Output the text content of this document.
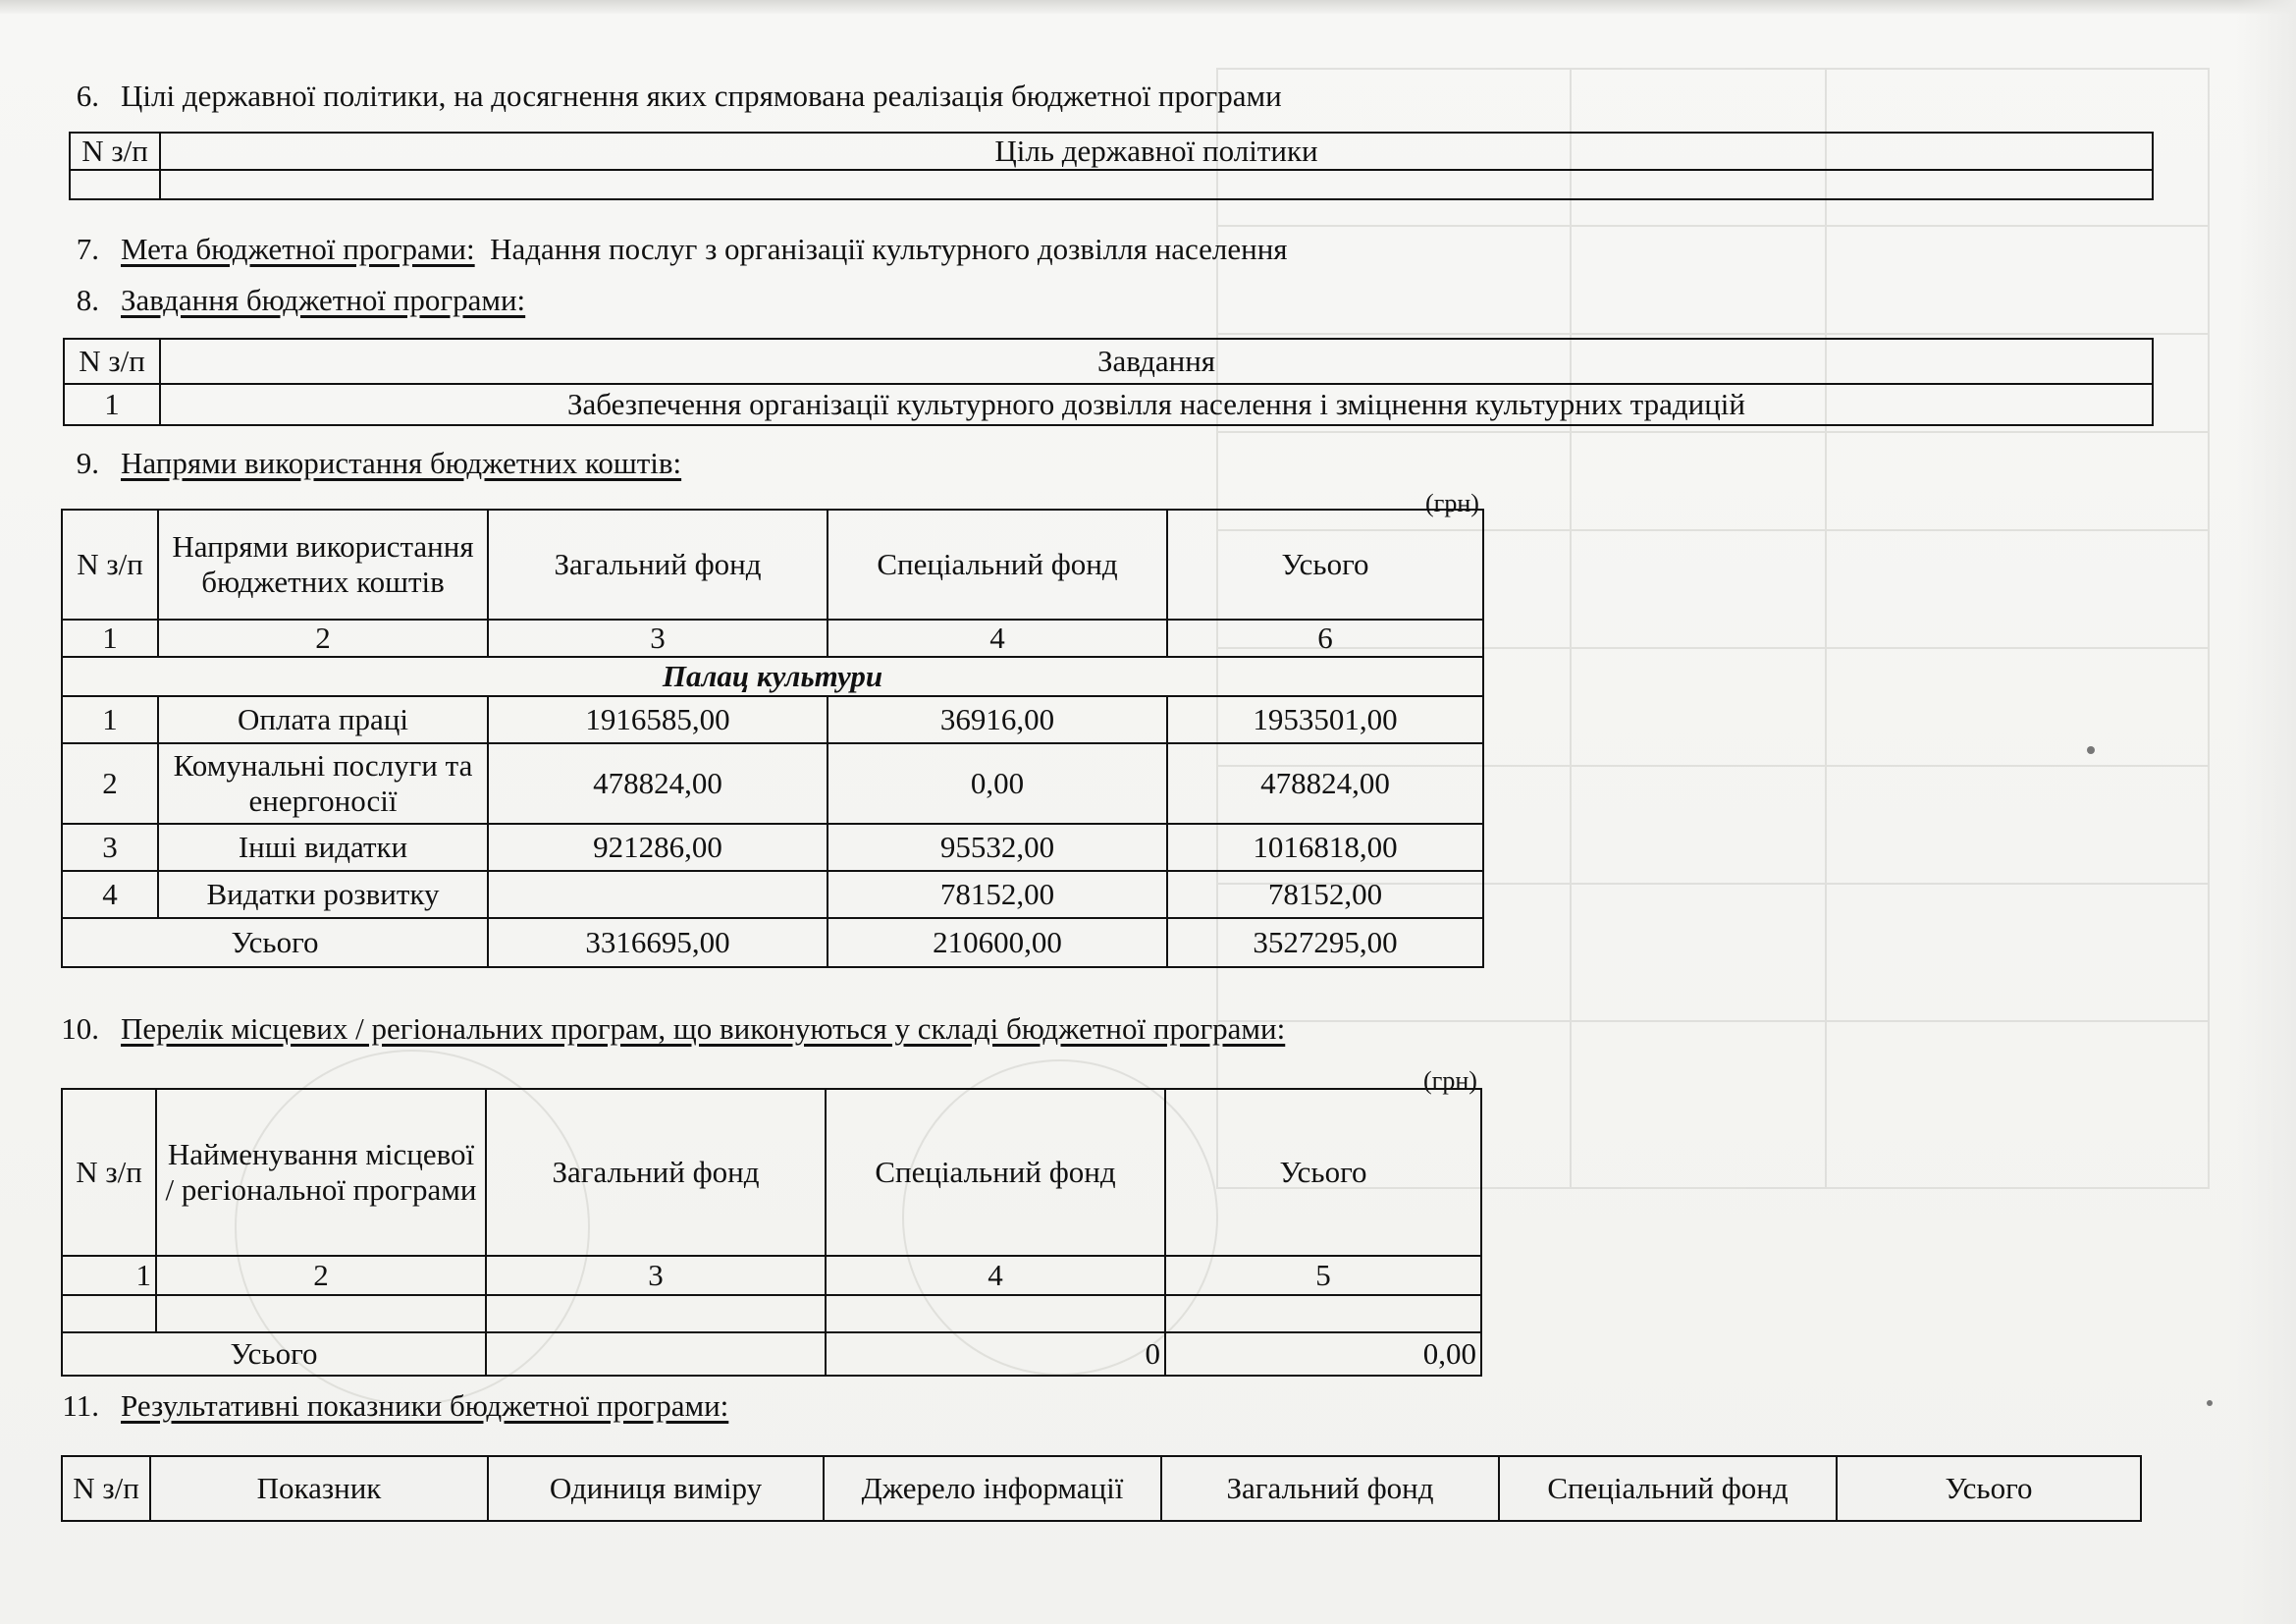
6. Цілі державної політики, на досягнення яких спрямована реалізація бюджетної програми
N з/п	Ціль державної політики

7. Мета бюджетної програми: Надання послуг з організації культурного дозвілля населення
8. Завдання бюджетної програми:
N з/п	Завдання
1	Забезпечення організації культурного дозвілля населення і зміцнення культурних традицій
9. Напрями використання бюджетних коштів:
(грн)
N з/п	Напрями використання бюджетних коштів	Загальний фонд	Спеціальний фонд	Усього
1	2	3	4	6
Палац культури				
1	Оплата праці	1916585,00	36916,00	1953501,00
2	Комунальні послуги та енергоносії	478824,00	0,00	478824,00
3	Інші видатки	921286,00	95532,00	1016818,00
4	Видатки розвитку		78152,00	78152,00
Усього		3316695,00	210600,00	3527295,00
10. Перелік місцевих / регіональних програм, що виконуються у складі бюджетної програми:
(грн)
N з/п	Найменування місцевої / регіональної програми	Загальний фонд	Спеціальний фонд	Усього
1	2	3	4	5

Усього			0	0,00
11. Результативні показники бюджетної програми:
N з/п	Показник	Одиниця виміру	Джерело інформації	Загальний фонд	Спеціальний фонд	Усього
